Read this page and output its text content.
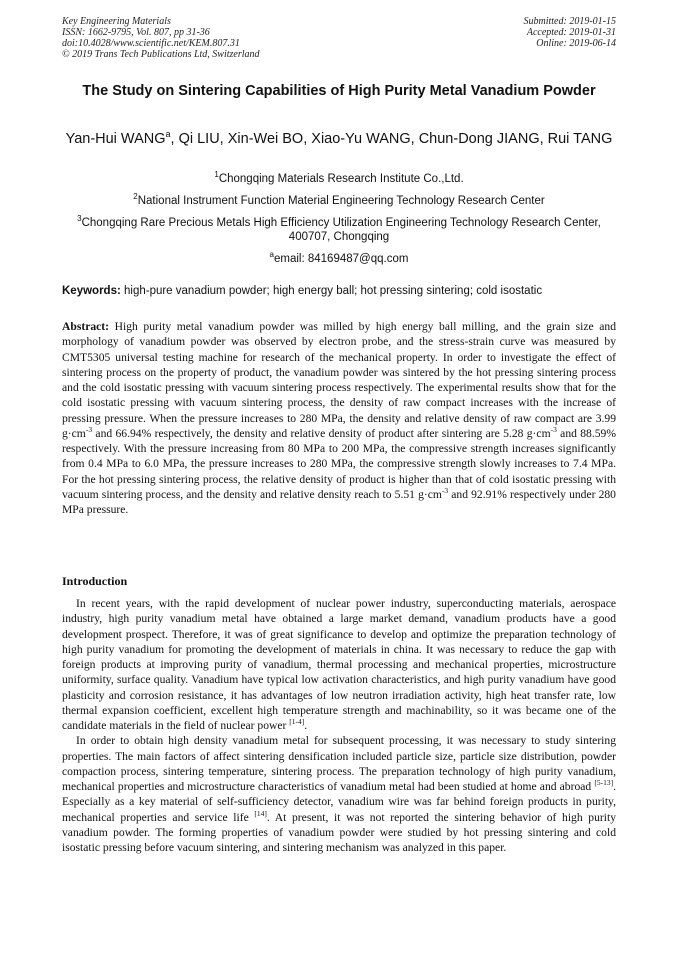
Key Engineering Materials
ISSN: 1662-9795, Vol. 807, pp 31-36
doi:10.4028/www.scientific.net/KEM.807.31
© 2019 Trans Tech Publications Ltd, Switzerland
Submitted: 2019-01-15
Accepted: 2019-01-31
Online: 2019-06-14
The Study on Sintering Capabilities of High Purity Metal Vanadium Powder
Yan-Hui WANG$^a$, Qi LIU, Xin-Wei BO, Xiao-Yu WANG, Chun-Dong JIANG, Rui TANG
$^1$Chongqing Materials Research Institute Co.,Ltd.
$^2$National Instrument Function Material Engineering Technology Research Center
$^3$Chongqing Rare Precious Metals High Efficiency Utilization Engineering Technology Research Center, 400707, Chongqing
$^a$email: 84169487@qq.com
Keywords: high-pure vanadium powder; high energy ball; hot pressing sintering; cold isostatic
Abstract: High purity metal vanadium powder was milled by high energy ball milling, and the grain size and morphology of vanadium powder was observed by electron probe, and the stress-strain curve was measured by CMT5305 universal testing machine for research of the mechanical property. In order to investigate the effect of sintering process on the property of product, the vanadium powder was sintered by the hot pressing sintering process and the cold isostatic pressing with vacuum sintering process respectively. The experimental results show that for the cold isostatic pressing with vacuum sintering process, the density of raw compact increases with the increase of pressing pressure. When the pressure increases to 280 MPa, the density and relative density of raw compact are 3.99 g·cm$^{-3}$ and 66.94% respectively, the density and relative density of product after sintering are 5.28 g·cm$^{-3}$ and 88.59% respectively. With the pressure increasing from 80 MPa to 200 MPa, the compressive strength increases significantly from 0.4 MPa to 6.0 MPa, the pressure increases to 280 MPa, the compressive strength slowly increases to 7.4 MPa. For the hot pressing sintering process, the relative density of product is higher than that of cold isostatic pressing with vacuum sintering process, and the density and relative density reach to 5.51 g·cm$^{-3}$ and 92.91% respectively under 280 MPa pressure.
Introduction

In recent years, with the rapid development of nuclear power industry, superconducting materials, aerospace industry, high purity vanadium metal have obtained a large market demand, vanadium products have a good development prospect. Therefore, it was of great significance to develop and optimize the preparation technology of high purity vanadium for promoting the development of materials in china. It was necessary to reduce the gap with foreign products at improving purity of vanadium, thermal processing and mechanical properties, microstructure uniformity, surface quality. Vanadium have typical low activation characteristics, and high purity vanadium have good plasticity and corrosion resistance, it has advantages of low neutron irradiation activity, high heat transfer rate, low thermal expansion coefficient, excellent high temperature strength and machinability, so it was became one of the candidate materials in the field of nuclear power [1-4].

In order to obtain high density vanadium metal for subsequent processing, it was necessary to study sintering properties. The main factors of affect sintering densification included particle size, particle size distribution, powder compaction process, sintering temperature, sintering process. The preparation technology of high purity vanadium, mechanical properties and microstructure characteristics of vanadium metal had been studied at home and abroad [5-13]. Especially as a key material of self-sufficiency detector, vanadium wire was far behind foreign products in purity, mechanical properties and service life [14]. At present, it was not reported the sintering behavior of high purity vanadium powder. The forming properties of vanadium powder were studied by hot pressing sintering and cold isostatic pressing before vacuum sintering, and sintering mechanism was analyzed in this paper.
